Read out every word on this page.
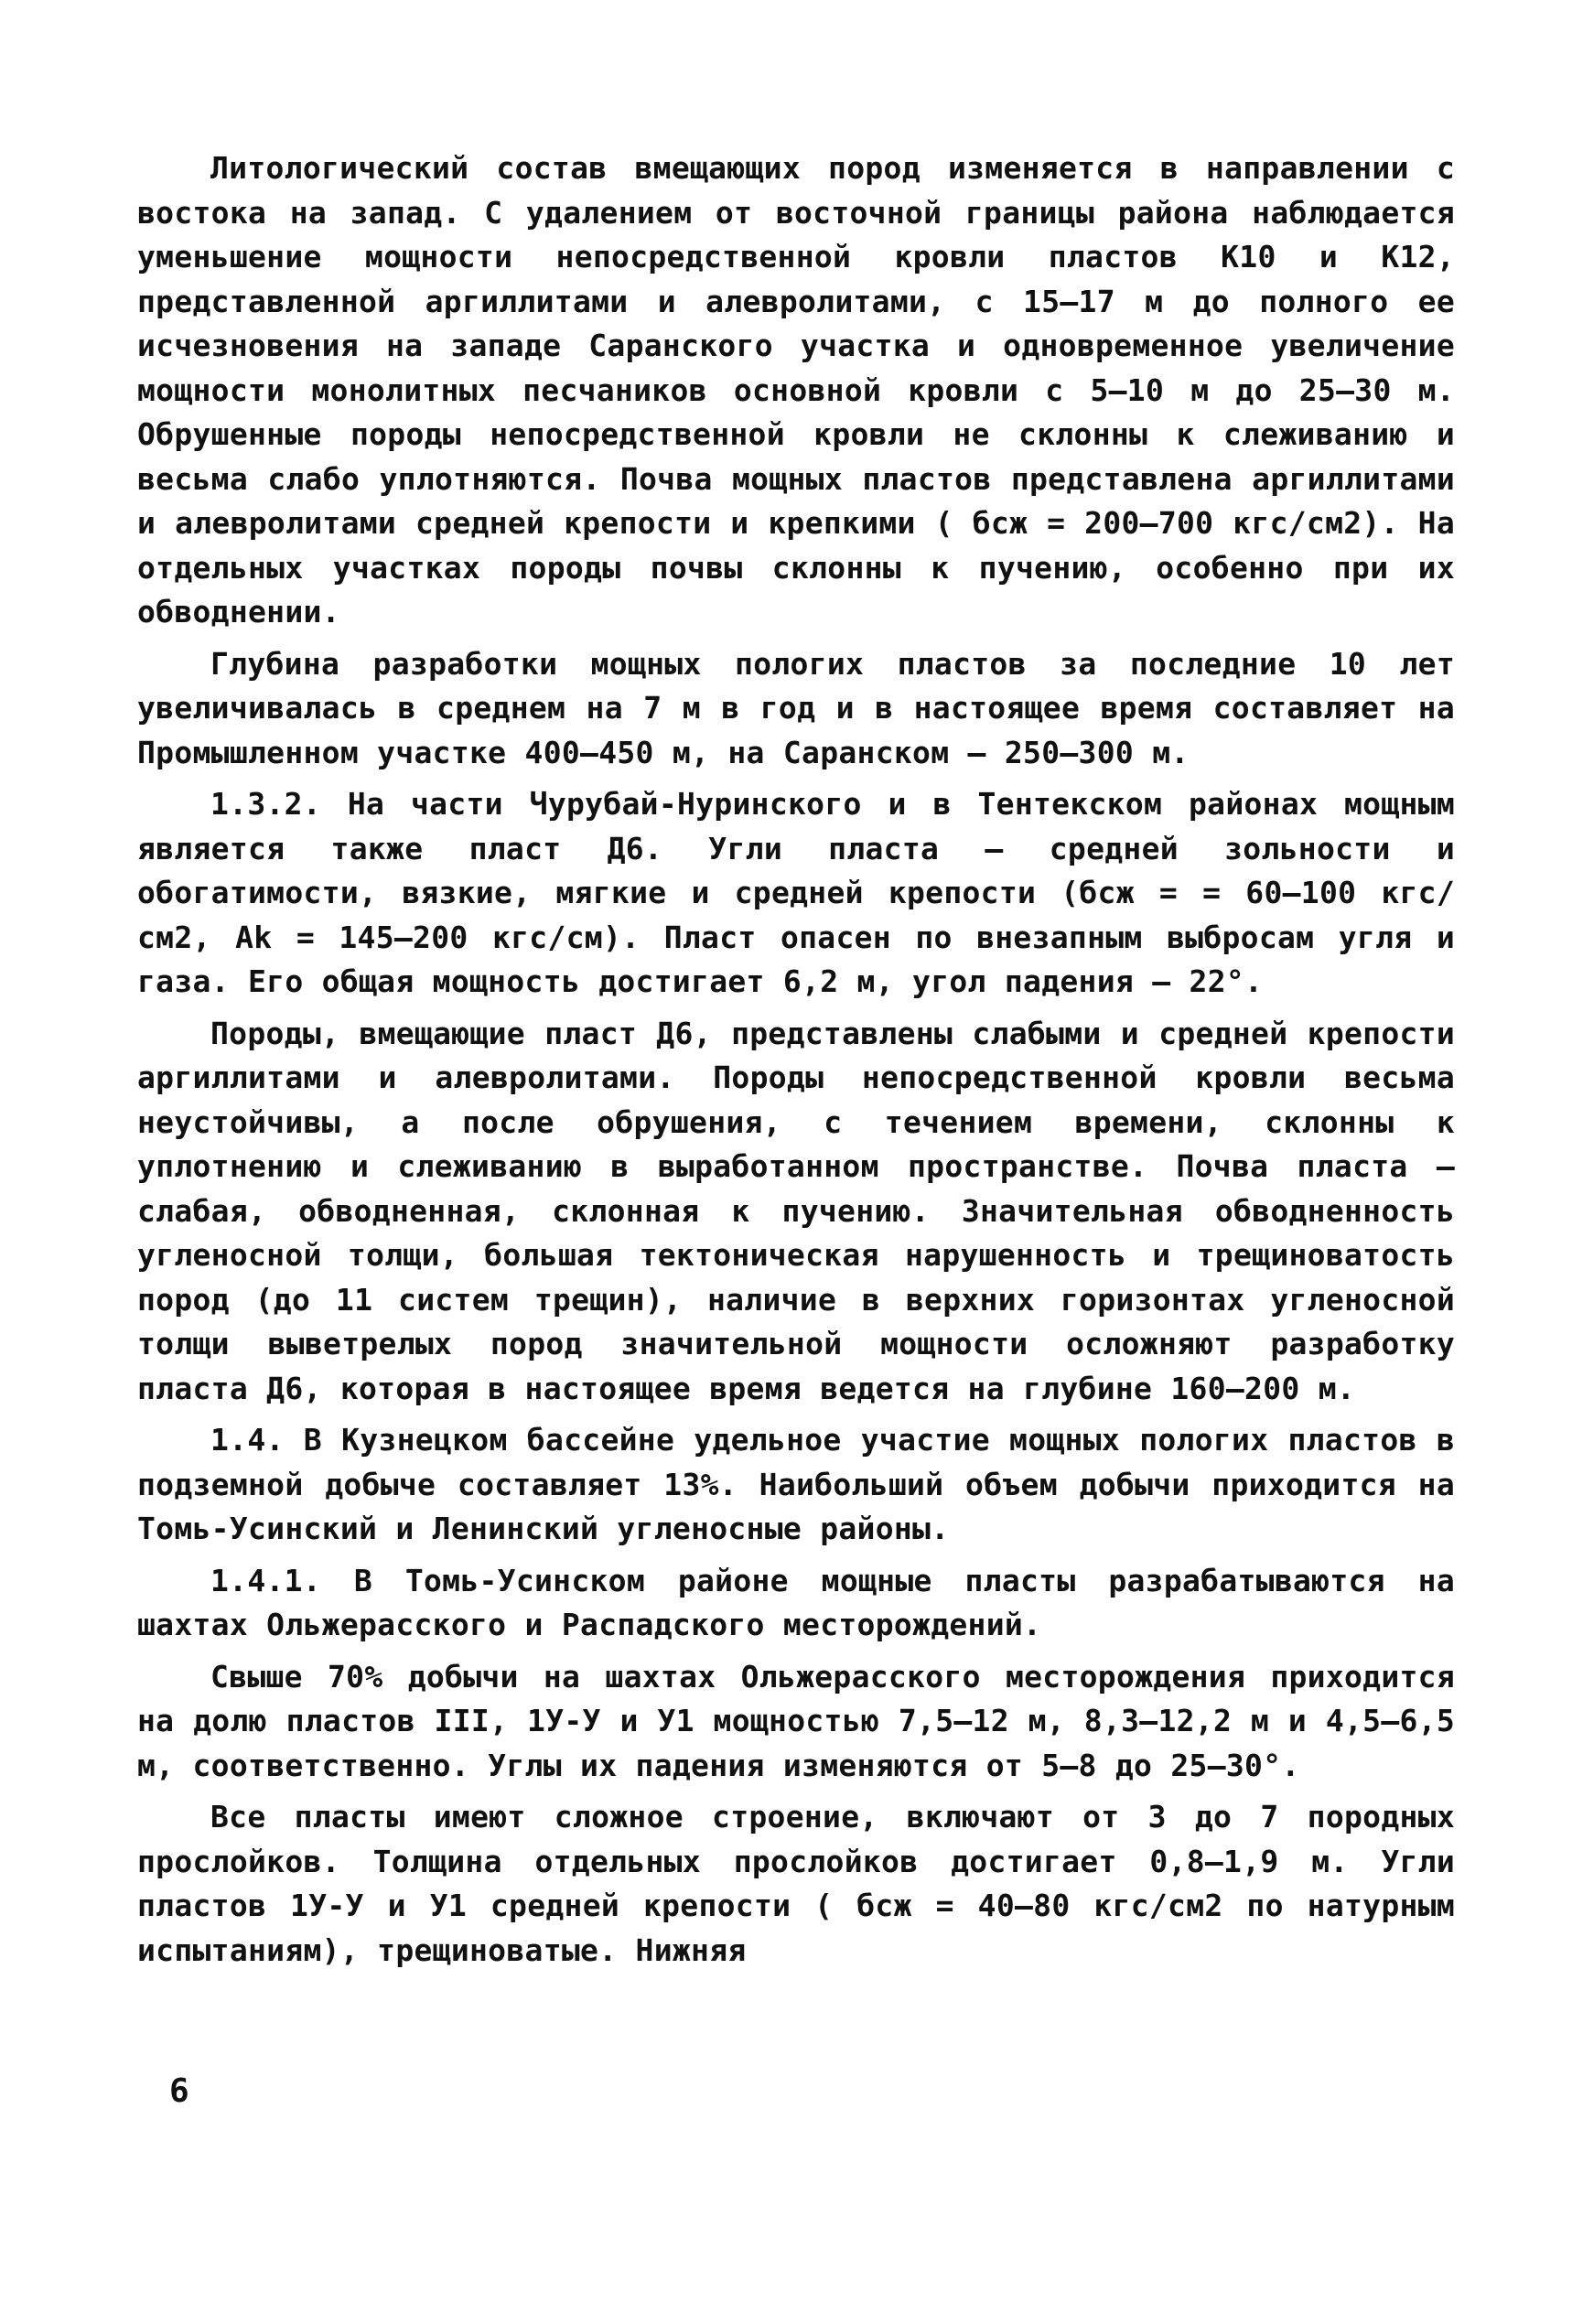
Литологический состав вмещающих пород изменяется в направлении с востока на запад. С удалением от восточной границы района наблюдается уменьшение мощности непосредственной кровли пластов К10 и К12, представленной аргиллитами и алевролитами, с 15–17 м до полного ее исчезновения на западе Саранского участка и одновременное увеличение мощности монолитных песчаников основной кровли с 5–10 м до 25–30 м. Обрушенные породы непосредственной кровли не склонны к слеживанию и весьма слабо уплотняются. Почва мощных пластов представлена аргиллитами и алевролитами средней крепости и крепкими ( бсж = 200–700 кгс/см2). На отдельных участках породы почвы склонны к пучению, особенно при их обводнении.

Глубина разработки мощных пологих пластов за последние 10 лет увеличивалась в среднем на 7 м в год и в настоящее время составляет на Промышленном участке 400–450 м, на Саранском – 250–300 м.

1.3.2. На части Чурубай-Нуринского и в Тентекском районах мощным является также пласт Д6. Угли пласта – средней зольности и обогатимости, вязкие, мягкие и средней крепости (бсж = = 60–100 кгс/см2, Аk = 145–200 кгс/см). Пласт опасен по внезапным выбросам угля и газа. Его общая мощность достигает 6,2 м, угол падения – 22°.

Породы, вмещающие пласт Д6, представлены слабыми и средней крепости аргиллитами и алевролитами. Породы непосредственной кровли весьма неустойчивы, а после обрушения, с течением времени, склонны к уплотнению и слеживанию в выработанном пространстве. Почва пласта – слабая, обводненная, склонная к пучению. Значительная обводненность угленосной толщи, большая тектоническая нарушенность и трещиноватость пород (до 11 систем трещин), наличие в верхних горизонтах угленосной толщи выветрелых пород значительной мощности осложняют разработку пласта Д6, которая в настоящее время ведется на глубине 160–200 м.

1.4. В Кузнецком бассейне удельное участие мощных пологих пластов в подземной добыче составляет 13%. Наибольший объем добычи приходится на Томь-Усинский и Ленинский угленосные районы.

1.4.1. В Томь-Усинском районе мощные пласты разрабатываются на шахтах Ольжерасского и Распадского месторождений.

Свыше 70% добычи на шахтах Ольжерасского месторождения приходится на долю пластов III, 1У-У и У1 мощностью 7,5–12 м, 8,3–12,2 м и 4,5–6,5 м, соответственно. Углы их падения изменяются от 5–8 до 25–30°.

Все пласты имеют сложное строение, включают от 3 до 7 породных прослойков. Толщина отдельных прослойков достигает 0,8–1,9 м. Угли пластов 1У-У и У1 средней крепости ( бсж = 40–80 кгс/см2 по натурным испытаниям), трещиноватые. Нижняя

6
